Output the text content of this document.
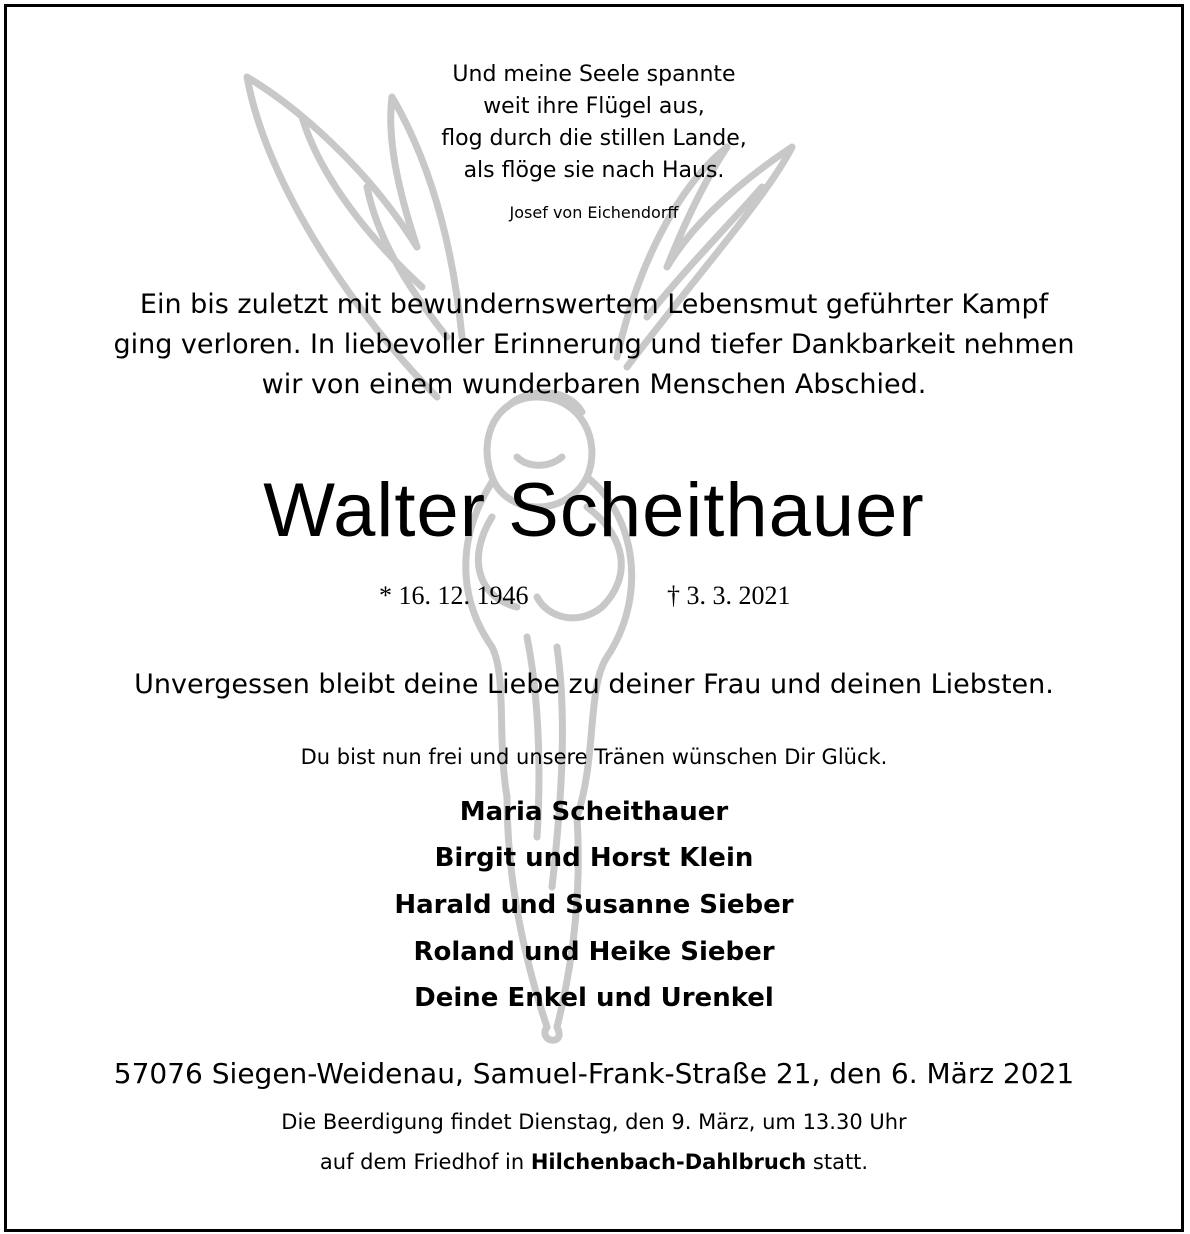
Und meine Seele spannte
weit ihre Flügel aus,
flog durch die stillen Lande,
als flöge sie nach Haus.
Josef von Eichendorff
Ein bis zuletzt mit bewundernswertem Lebensmut geführter Kampf
ging verloren. In liebevoller Erinnerung und tiefer Dankbarkeit nehmen
wir von einem wunderbaren Menschen Abschied.
Walter Scheithauer
* 16. 12. 1946	† 3. 3. 2021
Unvergessen bleibt deine Liebe zu deiner Frau und deinen Liebsten.
Du bist nun frei und unsere Tränen wünschen Dir Glück.
Maria Scheithauer
Birgit und Horst Klein
Harald und Susanne Sieber
Roland und Heike Sieber
Deine Enkel und Urenkel
57076 Siegen-Weidenau, Samuel-Frank-Straße 21, den 6. März 2021
Die Beerdigung findet Dienstag, den 9. März, um 13.30 Uhr
auf dem Friedhof in Hilchenbach-Dahlbruch statt.
